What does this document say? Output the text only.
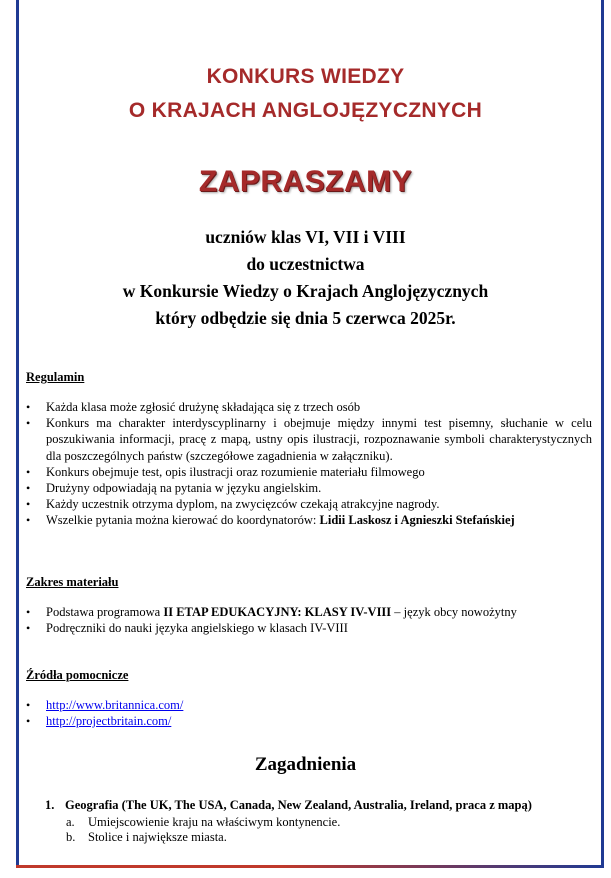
KONKURS WIEDZY
O KRAJACH ANGLOJĘZYCZNYCH
ZAPRASZAMY
uczniów klas VI, VII i VIII
do uczestnictwa
w Konkursie Wiedzy o Krajach Anglojęzycznych
który odbędzie się dnia 5 czerwca 2025r.
Regulamin
• Każda klasa może zgłosić drużynę składająca się z trzech osób
• Konkurs ma charakter interdyscyplinarny i obejmuje między innymi test pisemny, słuchanie w celu poszukiwania informacji, pracę z mapą, ustny opis ilustracji, rozpoznawanie symboli charakterystycznych dla poszczególnych państw (szczegółowe zagadnienia w załączniku).
• Konkurs obejmuje test, opis ilustracji oraz rozumienie materiału filmowego
• Drużyny odpowiadają na pytania w języku angielskim.
• Każdy uczestnik otrzyma dyplom, na zwycięzców czekają atrakcyjne nagrody.
• Wszelkie pytania można kierować do koordynatorów: Lidii Laskosz i Agnieszki Stefańskiej
Zakres materiału
• Podstawa programowa II ETAP EDUKACYJNY: KLASY IV-VIII – język obcy nowożytny
• Podręczniki do nauki języka angielskiego w klasach IV-VIII
Źródła pomocnicze
• http://www.britannica.com/
• http://projectbritain.com/
Zagadnienia
1. Geografia (The UK, The USA, Canada, New Zealand, Australia, Ireland, praca z mapą)
a. Umiejscowienie kraju na właściwym kontynencie.
b. Stolice i największe miasta.
